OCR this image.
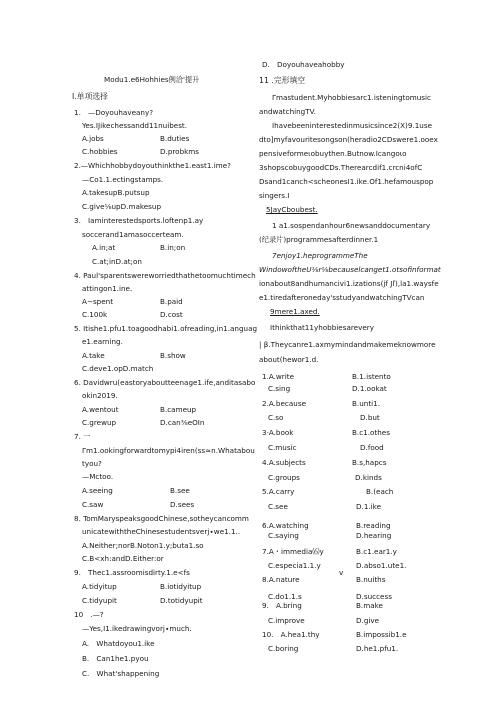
Modu1.e6Hohhies例洽'提升
I.单项选择
1.　—Doyouhaveany?
Yes.IJikechessandd11nuibest.
A.jobs	B.duties
C.hobbies	D.probkms
2.—Whichhobbydoyouthinkthe1.east1.ime?
—Co1.1.ectingstamps.
A.takesupB.putsup
C.give⅛upD.makesup
3.　Iaminterestedsports.loftenp1.ay
soccerand1amasoccerteam.
A.in;at	B.in;on
C.at;inD.at;on
4. Paul'sparentswereworriedthathetoomuchtimech
attingon1.ine.
A−spent	B.paid
C.100k	D.cost
5. Itishe1.pfu1.toagoodhabi1.ofreading,in1.anguag
e1.earning.
A.take	B.show
C.deve1.opD.match
6. Davidwru(eastoryaboutteenage1.ife,anditasabo
okin2019.
A.wentout	B.cameup
C.grewup	D.can⅜eOIn
7. 一
Γm1.ookingforwardtomypi4iren(ss≈n.Whatabou
tyou?
—Mctoo.
A.seeing	B.see
C.saw	D.sees
8. TomMaryspeaksgoodChinese,sotheycancomm
unicatewiththeChinesestudentsverj∙we1.1..
A.Neither;norB.Noton1.y;buta1.so
C.B<xh:andD.Either:or
9.　Thec1.assroomisdirty.1.e<fs
A.tidyitup	B.iotidyitup
C.tidyupit	D.totidyupit
10　.—?
—Yes,I1.ikedrawingvorj∙much.
A.　Whatdoyou1.ike
B.　Can1he1.pyou
C.　What'shappening
D.　Doyouhaveahobby
11 .完形填空
Γmastudent.Myhobbiesarc1.isteningtomusic
andwatchingTV.
Ihavebeeninterestedinmusicsince2(X)9.1use
dto]myfavouritesongson(heradio2CDswere1.ooex
pensiveformeιobuythen.Butnow.Icangoιo
3shopscobuygoodCDs.Therearcdif1.crcni4ofC
Dsand1canch<scheonesI1.ike.Of1.hefamouspop
singers.I
5JayCboubest.
1 a1.sospendanhour6newsanddocumentary
(纪录片)programmesafterdinner.1
7enjoy1.heprogrammeThe
WindowoftheU⅛r⅛becauselcanget1.otsofinformat
ionabout8andhumancivi1.izations(jf Jľ),la1.waysfe
e1.tiredafteroneday'sstudyandwatchingTVcan
9mere1.axed.
Ithinkthat11yhobbiesarevery
| β.Theycanre1.axmymindandmakemeknowmore
about(hewor1.d.
1.A.write	B.1.istento
C.sing	D.1.ookat
2.A.because	B.unti1.
C.so	D.but
3·A.book	B.c1.othes
C.music	D.food
4.A.subjects	B.s,hapcs
C.groups	D.kinds
5.A.carry	B.(each
C.see	D.1.ike
6.A.watching	B.reading
C.saying	D.hearing
7.A・immedia⑹y	B.c1.ear1.y
C.especia1.1.y	D.abso1.ute1.
v
8.A.nature	B.nuiths
C.do1.1.s	D.success
9.　A.bring	B.make
C.improve	D.give
10.　A.hea1.thy	B.impossib1.e
C.boring	D.he1.pfu1.
